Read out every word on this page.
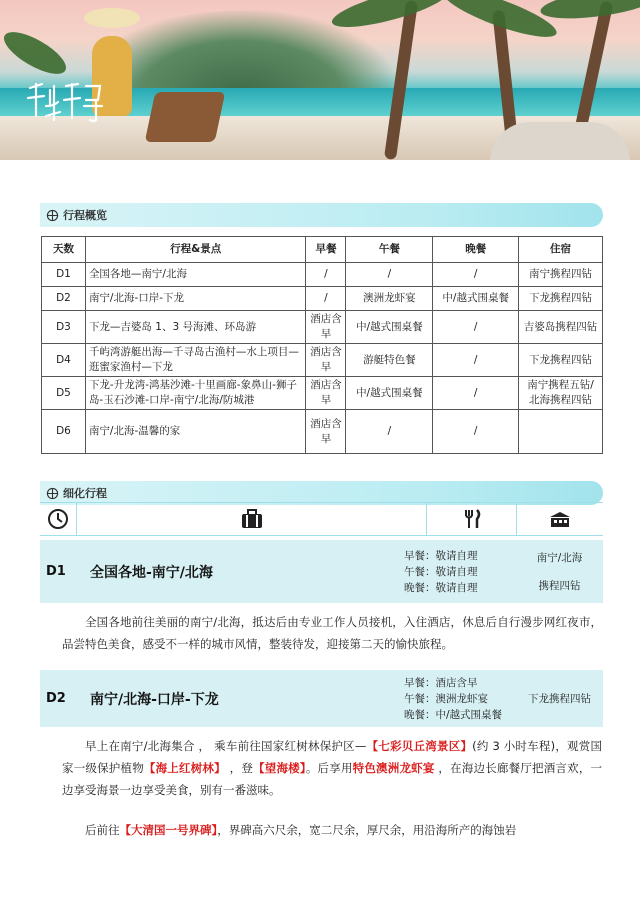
千屿千寻
行程概览
天数	行程&景点	早餐	午餐	晚餐	住宿
D1	全国各地—南宁/北海	/	/	/	南宁携程四钻
D2	南宁/北海-口岸-下龙	/	澳洲龙虾宴	中/越式围桌餐	下龙携程四钻
D3	下龙—吉婆岛 1、3 号海滩、环岛游	酒店含早	中/越式围桌餐	/	吉婆岛携程四钻
D4	千屿湾游艇出海—千寻岛古渔村—水上项目—逛蜜家渔村—下龙	酒店含早	游艇特色餐	/	下龙携程四钻
D5	下龙-升龙湾-鸿基沙滩-十里画廊-象鼻山-狮子岛-玉石沙滩-口岸-南宁/北海/防城港	酒店含早	中/越式围桌餐	/	南宁携程五钻/北海携程四钻
D6	南宁/北海-温馨的家	酒店含早	/	/	
细化行程
D1	全国各地-南宁/北海
早餐：敬请自理
午餐：敬请自理
晚餐：敬请自理
南宁/北海
携程四钻

全国各地前往美丽的南宁/北海，抵达后由专业工作人员接机，入住酒店，休息后自行漫步网红夜市，品尝特色美食，感受不一样的城市风情，整装待发，迎接第二天的愉快旅程。

D2	南宁/北海-口岸-下龙
早餐：酒店含早
午餐：澳洲龙虾宴
晚餐：中/越式围桌餐
下龙携程四钻

早上在南宁/北海集合 ， 乘车前往国家红树林保护区—【七彩贝丘湾景区】(约 3 小时车程)，观赏国家一级保护植物【海上红树林】 ，登【望海楼】。后享用特色澳洲龙虾宴 ，在海边长廊餐厅把酒言欢，一边享受海景一边享受美食，别有一番滋味。

后前往【大清国一号界碑】，界碑高六尺余，宽二尺余，厚尺余，用沿海所产的海蚀岩
